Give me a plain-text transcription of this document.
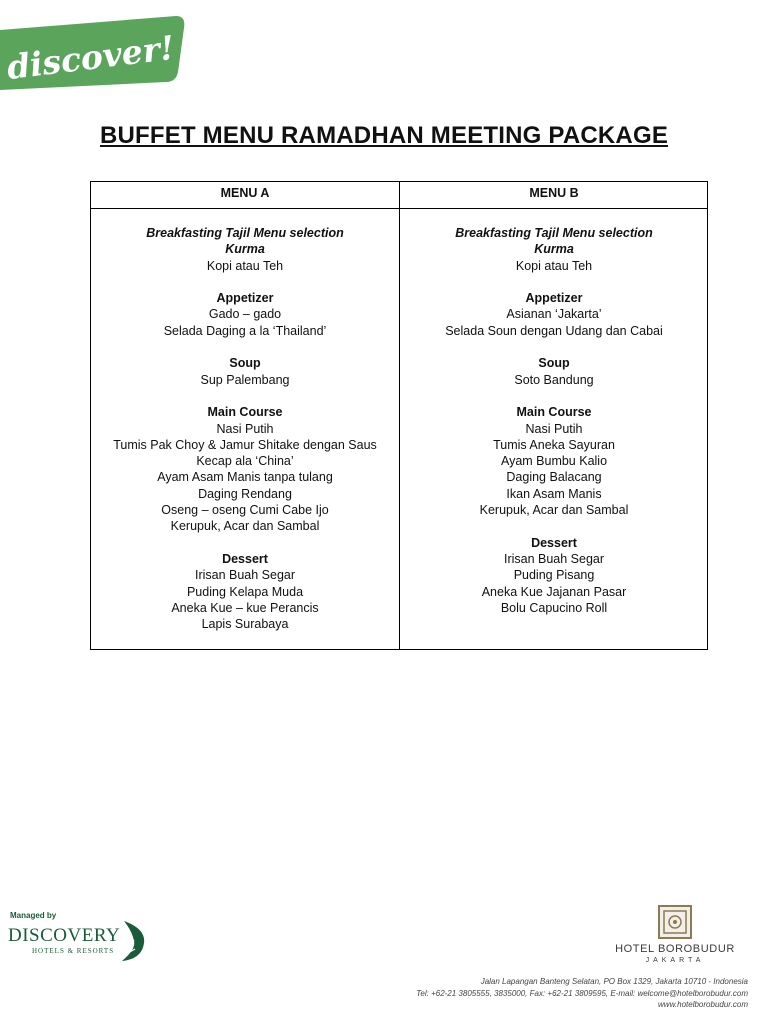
discover!
BUFFET MENU RAMADHAN MEETING PACKAGE
MENU A	MENU B
Breakfasting Tajil Menu selection
Kurma
Kopi atau Teh
Appetizer
Gado – gado
Selada Daging a la ‘Thailand’
Soup
Sup Palembang
Main Course
Nasi Putih
Tumis Pak Choy & Jamur Shitake dengan Saus
Kecap ala ‘China’
Ayam Asam Manis tanpa tulang
Daging Rendang
Oseng – oseng Cumi Cabe Ijo
Kerupuk, Acar dan Sambal
Dessert
Irisan Buah Segar
Puding Kelapa Muda
Aneka Kue – kue Perancis
Lapis Surabaya
Breakfasting Tajil Menu selection
Kurma
Kopi atau Teh
Appetizer
Asianan ‘Jakarta’
Selada Soun dengan Udang dan Cabai
Soup
Soto Bandung
Main Course
Nasi Putih
Tumis Aneka Sayuran
Ayam Bumbu Kalio
Daging Balacang
Ikan Asam Manis
Kerupuk, Acar dan Sambal
Dessert
Irisan Buah Segar
Puding Pisang
Aneka Kue Jajanan Pasar
Bolu Capucino Roll
Managed by
DISCOVERY
HOTELS & RESORTS	HOTEL BOROBUDUR
JAKARTA
Jalan Lapangan Banteng Selatan, PO Box 1329, Jakarta 10710 - Indonesia
Tel: +62-21 3805555, 3835000, Fax: +62-21 3809595, E-mail: welcome@hotelborobudur.com
www.hotelborobudur.com
